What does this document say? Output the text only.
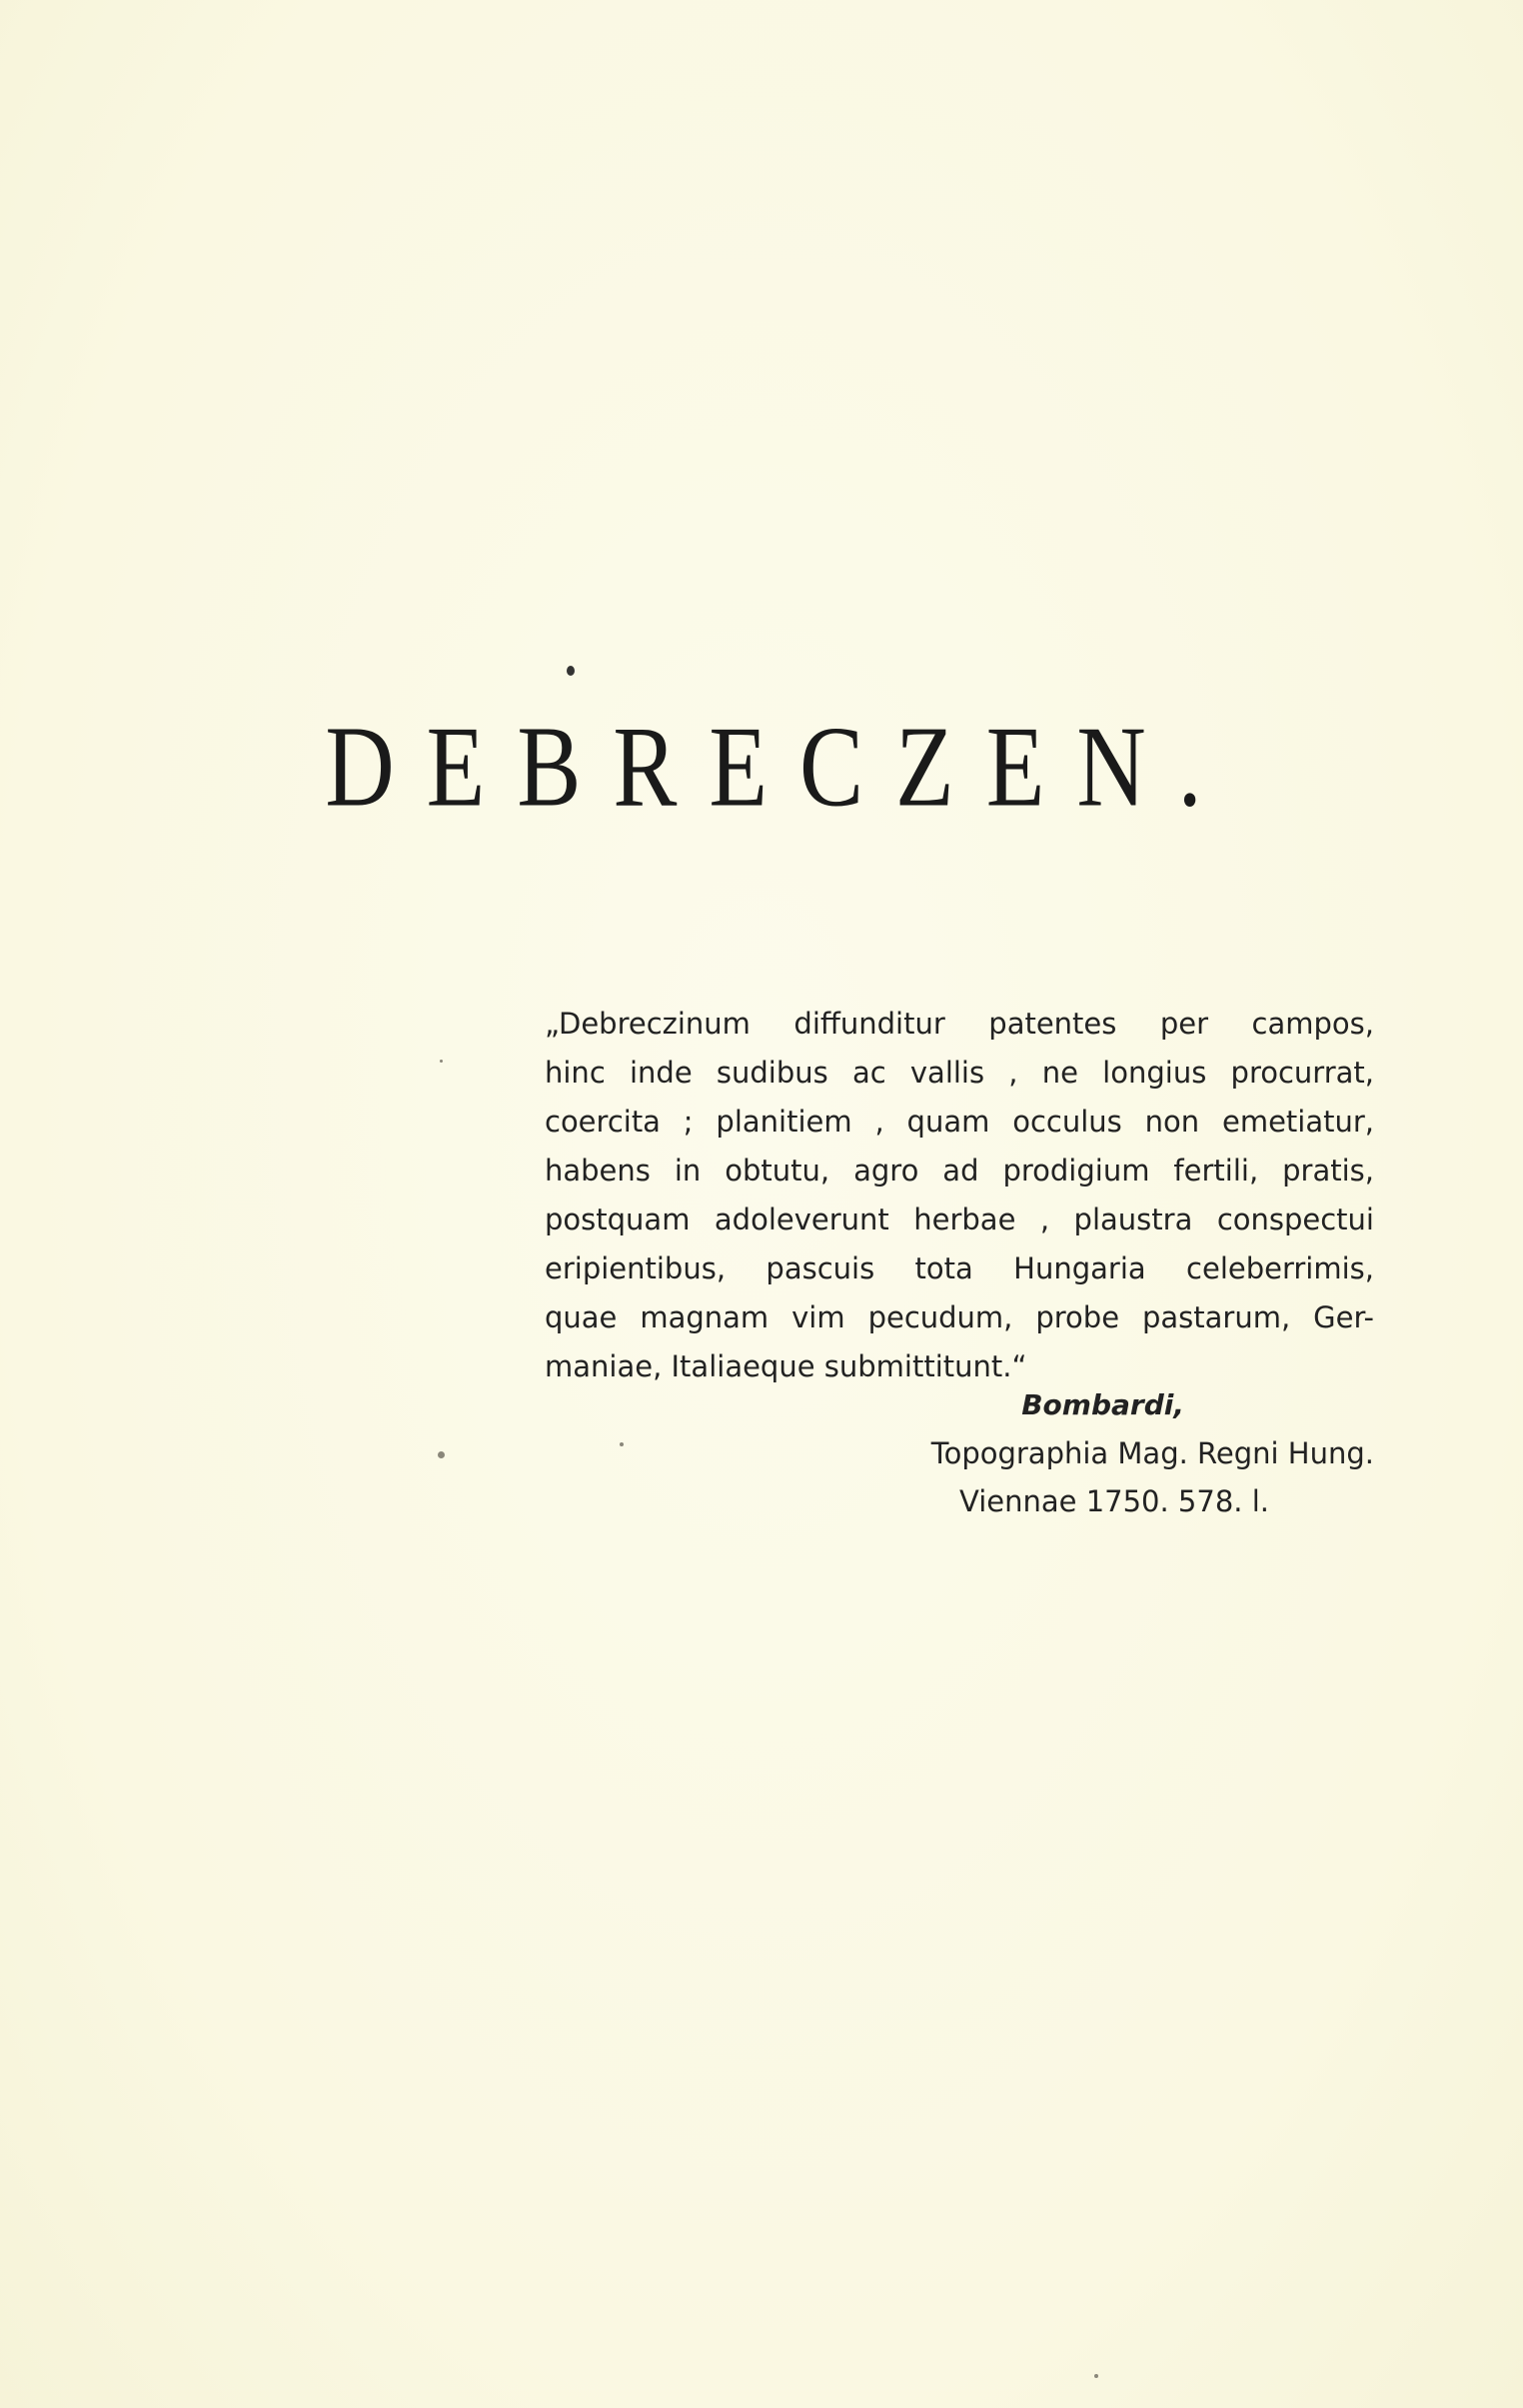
DEBRECZEN.
„Debreczinum diffunditur patentes per campos,
hinc inde sudibus ac vallis , ne longius procurrat,
coercita ; planitiem , quam occulus non emetiatur,
habens in obtutu, agro ad prodigium fertili, pratis,
postquam adoleverunt herbae , plaustra conspectui
eripientibus, pascuis tota Hungaria celeberrimis,
quae magnam vim pecudum, probe pastarum, Ger-
maniae, Italiaeque submittitunt.“
Bombardi,
Topographia Mag. Regni Hung.
Viennae 1750. 578. l.
